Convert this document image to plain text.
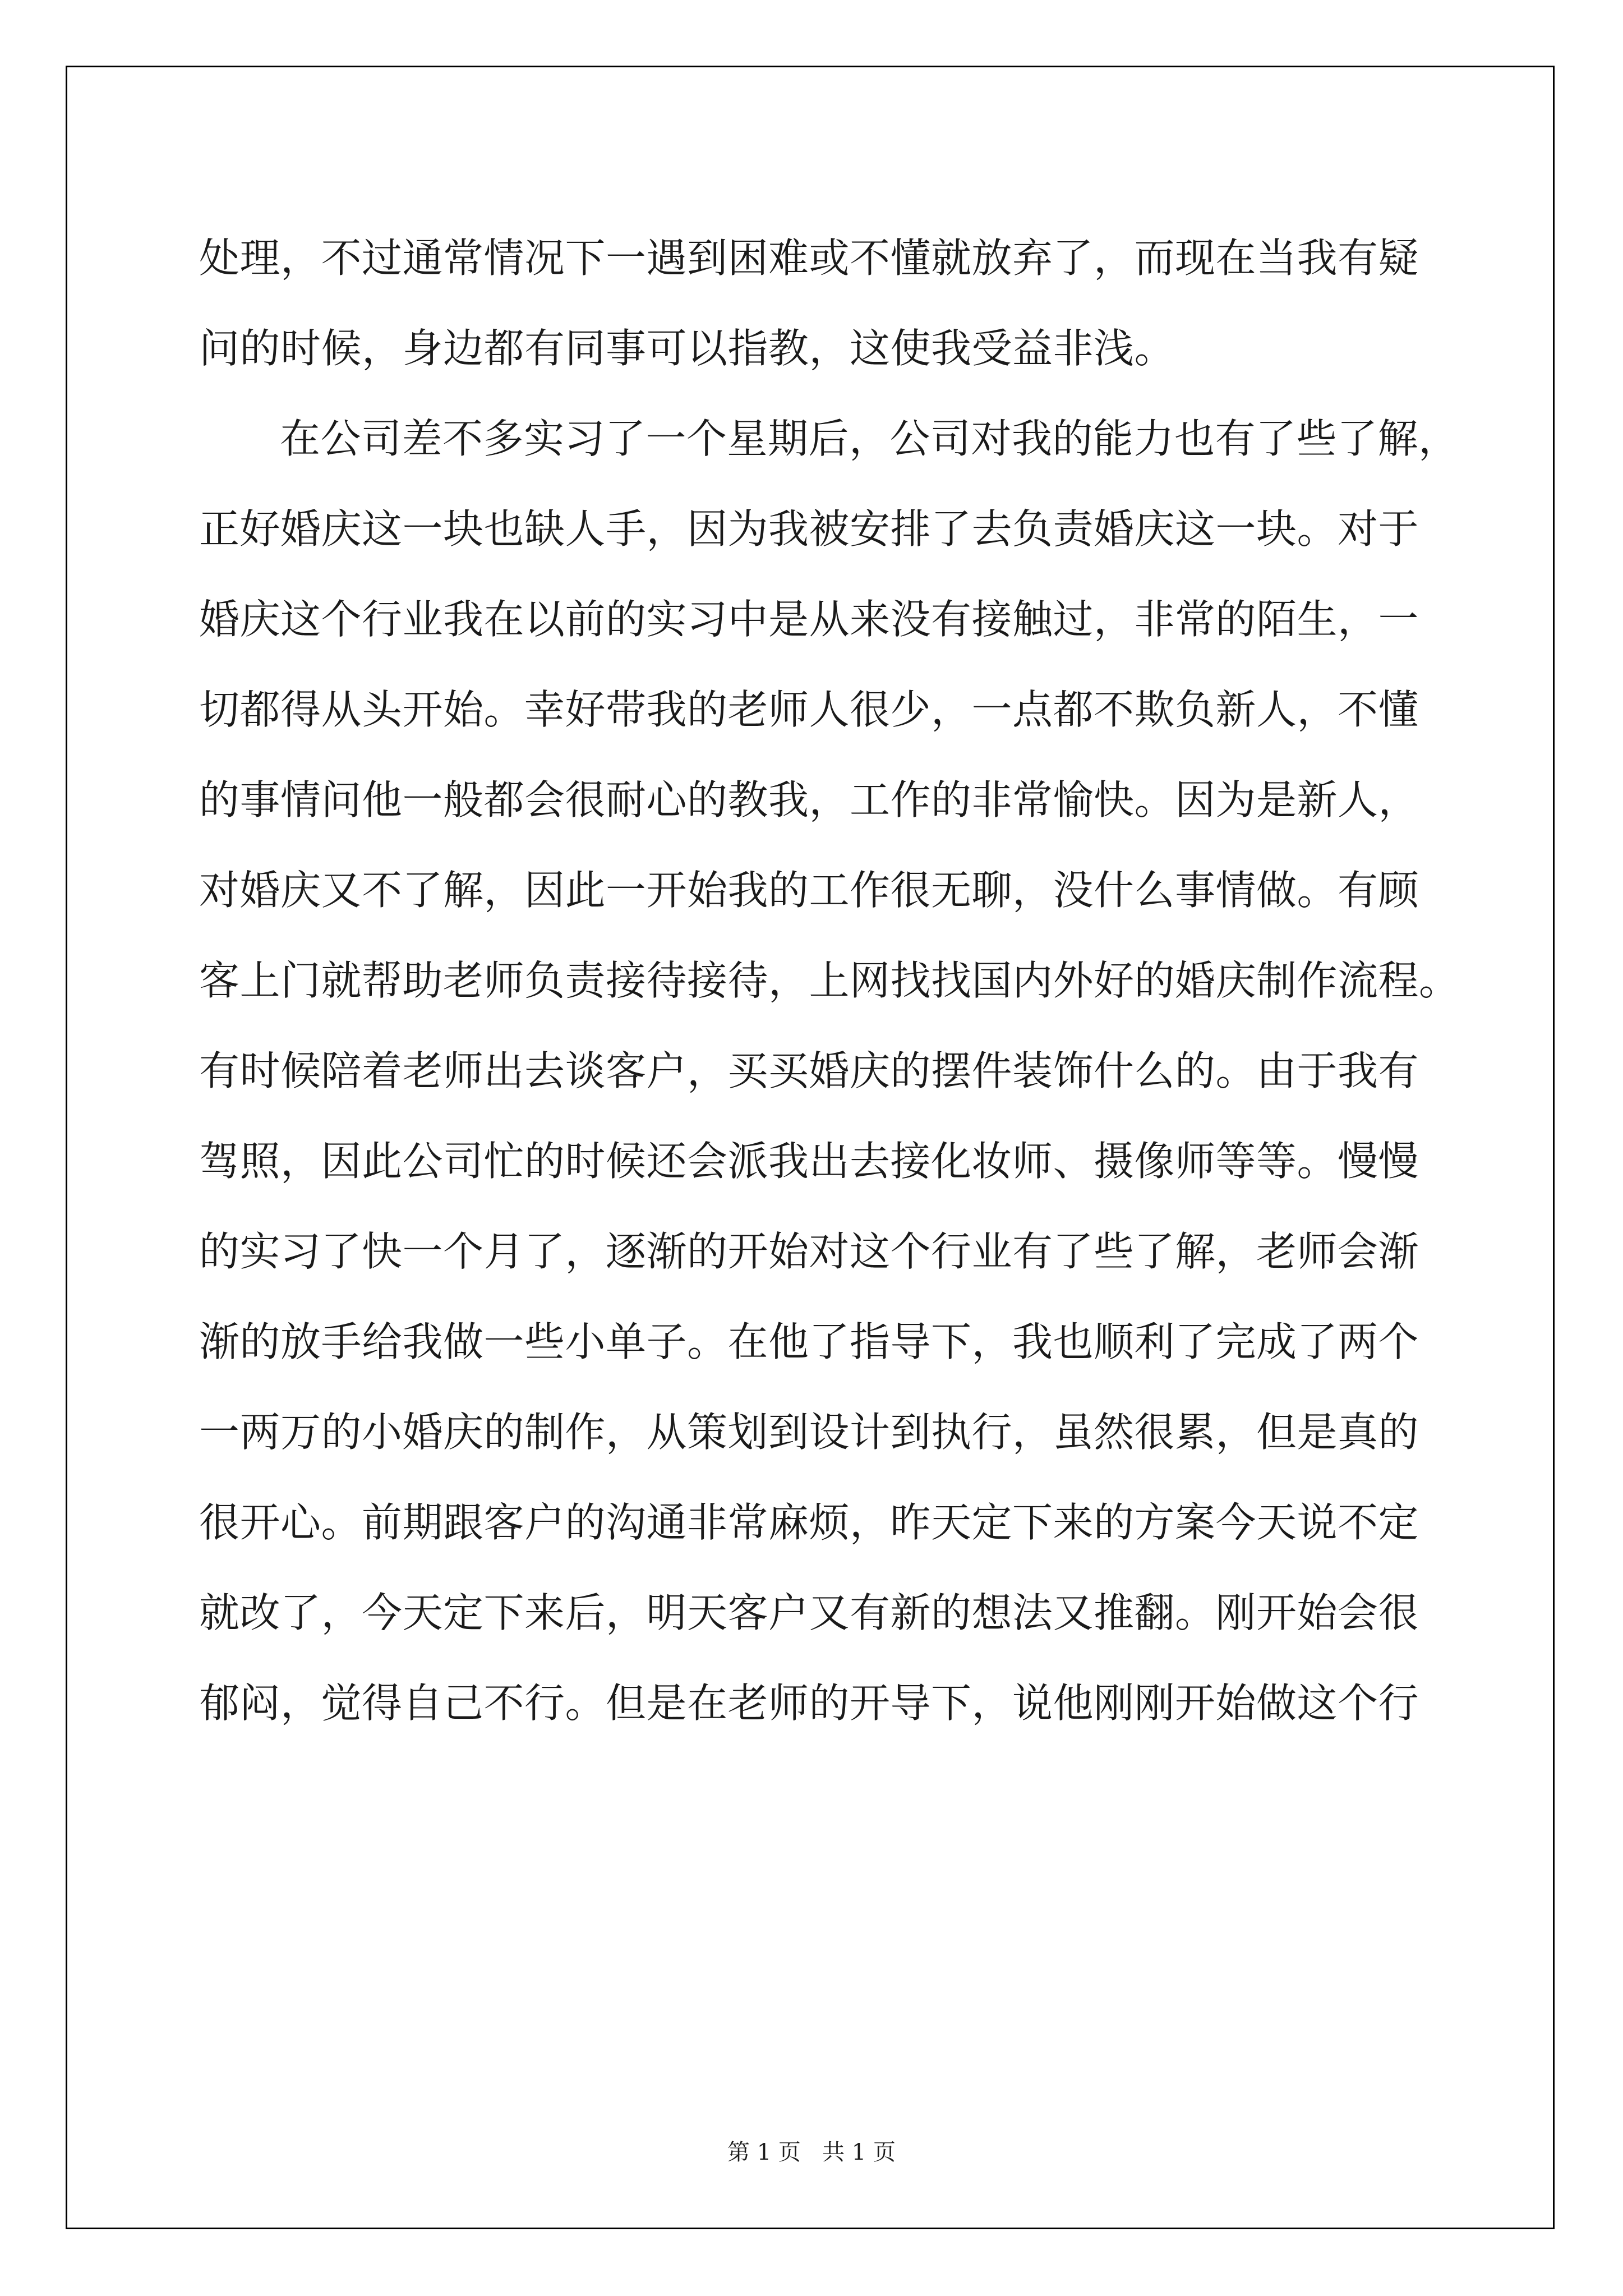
处理，不过通常情况下一遇到困难或不懂就放弃了，而现在当我有疑
问的时候，身边都有同事可以指教，这使我受益非浅。
在公司差不多实习了一个星期后，公司对我的能力也有了些了解，
正好婚庆这一块也缺人手，因为我被安排了去负责婚庆这一块。对于
婚庆这个行业我在以前的实习中是从来没有接触过，非常的陌生，一
切都得从头开始。幸好带我的老师人很少，一点都不欺负新人，不懂
的事情问他一般都会很耐心的教我，工作的非常愉快。因为是新人，
对婚庆又不了解，因此一开始我的工作很无聊，没什么事情做。有顾
客上门就帮助老师负责接待接待，上网找找国内外好的婚庆制作流程。
有时候陪着老师出去谈客户，买买婚庆的摆件装饰什么的。由于我有
驾照，因此公司忙的时候还会派我出去接化妆师、摄像师等等。慢慢
的实习了快一个月了，逐渐的开始对这个行业有了些了解，老师会渐
渐的放手给我做一些小单子。在他了指导下，我也顺利了完成了两个
一两万的小婚庆的制作，从策划到设计到执行，虽然很累，但是真的
很开心。前期跟客户的沟通非常麻烦，昨天定下来的方案今天说不定
就改了，今天定下来后，明天客户又有新的想法又推翻。刚开始会很
郁闷，觉得自己不行。但是在老师的开导下，说他刚刚开始做这个行
第 1 页   共 1 页
